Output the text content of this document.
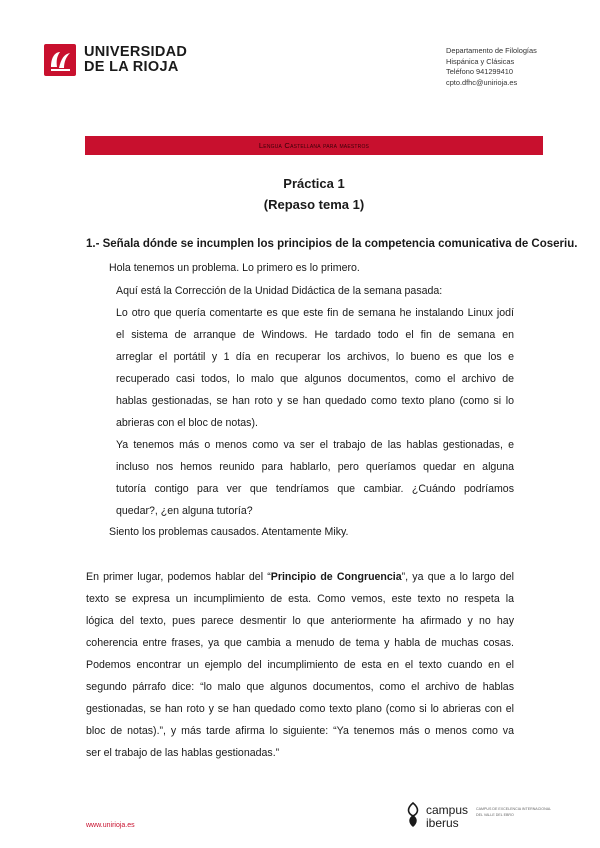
UNIVERSIDAD
DE LA RIOJA
Departamento de Filologías
Hispánica y Clásicas
Teléfono 941299410
cpto.dfhc@unirioja.es
Lengua Castellana para maestros
Práctica 1
(Repaso tema 1)
1.- Señala dónde se incumplen los principios de la competencia comunicativa de Coseriu.
Hola tenemos un problema. Lo primero es lo primero.
Aquí está la Corrección de la Unidad Didáctica de la semana pasada:
Lo otro que quería comentarte es que este fin de semana he instalando Linux jodí
el sistema de arranque de Windows. He tardado todo el fin de semana en
arreglar el portátil y 1 día en recuperar los archivos, lo bueno es que los e
recuperado casi todos, lo malo que algunos documentos, como el archivo de
hablas gestionadas, se han roto y se han quedado como texto plano (como si lo
abrieras con el bloc de notas).
Ya tenemos más o menos como va ser el trabajo de las hablas gestionadas, e
incluso nos hemos reunido para hablarlo, pero queríamos quedar en alguna
tutoría contigo para ver que tendríamos que cambiar. ¿Cuándo podríamos
quedar?, ¿en alguna tutoría?
Siento los problemas causados. Atentamente Miky.
En primer lugar, podemos hablar del “Principio de Congruencia”, ya que a lo largo del
texto se expresa un incumplimiento de esta. Como vemos, este texto no respeta la
lógica del texto, pues parece desmentir lo que anteriormente ha afirmado y no hay
coherencia entre frases, ya que cambia a menudo de tema y habla de muchas cosas.
Podemos encontrar un ejemplo del incumplimiento de esta en el texto cuando en el
segundo párrafo dice: “lo malo que algunos documentos, como el archivo de hablas
gestionadas, se han roto y se han quedado como texto plano (como si lo abrieras con el
bloc de notas).”, y más tarde afirma lo siguiente: “Ya tenemos más o menos como va
ser el trabajo de las hablas gestionadas.”
www.unirioja.es
campus
iberus
CAMPUS DE EXCELENCIA INTERNACIONAL
DEL VALLE DEL EBRO
